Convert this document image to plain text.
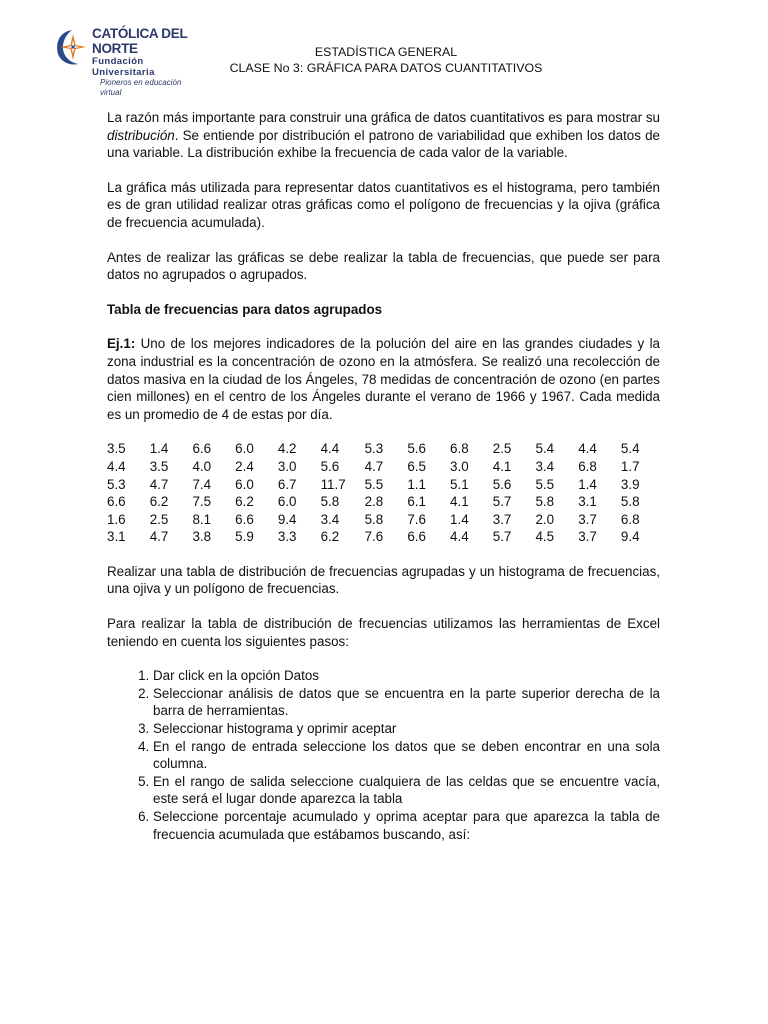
CATÓLICA DEL NORTE
Fundación Universitaria
Pioneros en educación virtual
ESTADÍSTICA GENERAL
CLASE No 3: GRÁFICA PARA DATOS CUANTITATIVOS

La razón más importante para construir una gráfica de datos cuantitativos es para mostrar su distribución. Se entiende por distribución el patrono de variabilidad que exhiben los datos de una variable. La distribución exhibe la frecuencia de cada valor de la variable.

La gráfica más utilizada para representar datos cuantitativos es el histograma, pero también es de gran utilidad realizar otras gráficas como el polígono de frecuencias y la ojiva (gráfica de frecuencia acumulada).

Antes de realizar las gráficas se debe realizar la tabla de frecuencias, que puede ser para datos no agrupados o agrupados.

Tabla de frecuencias para datos agrupados

Ej.1: Uno de los mejores indicadores de la polución del aire en las grandes ciudades y la zona industrial es la concentración de ozono en la atmósfera. Se realizó una recolección de datos masiva en la ciudad de los Ángeles, 78 medidas de concentración de ozono (en partes cien millones) en el centro de los Ángeles durante el verano de 1966 y 1967. Cada medida es un promedio de 4 de estas por día.

3.5	1.4	6.6	6.0	4.2	4.4	5.3	5.6	6.8	2.5	5.4	4.4	5.4
4.4	3.5	4.0	2.4	3.0	5.6	4.7	6.5	3.0	4.1	3.4	6.8	1.7
5.3	4.7	7.4	6.0	6.7	11.7	5.5	1.1	5.1	5.6	5.5	1.4	3.9
6.6	6.2	7.5	6.2	6.0	5.8	2.8	6.1	4.1	5.7	5.8	3.1	5.8
1.6	2.5	8.1	6.6	9.4	3.4	5.8	7.6	1.4	3.7	2.0	3.7	6.8
3.1	4.7	3.8	5.9	3.3	6.2	7.6	6.6	4.4	5.7	4.5	3.7	9.4

Realizar una tabla de distribución de frecuencias agrupadas y un histograma de frecuencias, una ojiva y un polígono de frecuencias.

Para realizar la tabla de distribución de frecuencias utilizamos las herramientas de Excel teniendo en cuenta los siguientes pasos:

1. Dar click en la opción Datos
2. Seleccionar análisis de datos que se encuentra en la parte superior derecha de la barra de herramientas.
3. Seleccionar histograma y oprimir aceptar
4. En el rango de entrada seleccione los datos que se deben encontrar en una sola columna.
5. En el rango de salida seleccione cualquiera de las celdas que se encuentre vacía, este será el lugar donde aparezca la tabla
6. Seleccione porcentaje acumulado y oprima aceptar para que aparezca la tabla de frecuencia acumulada que estábamos buscando, así:
